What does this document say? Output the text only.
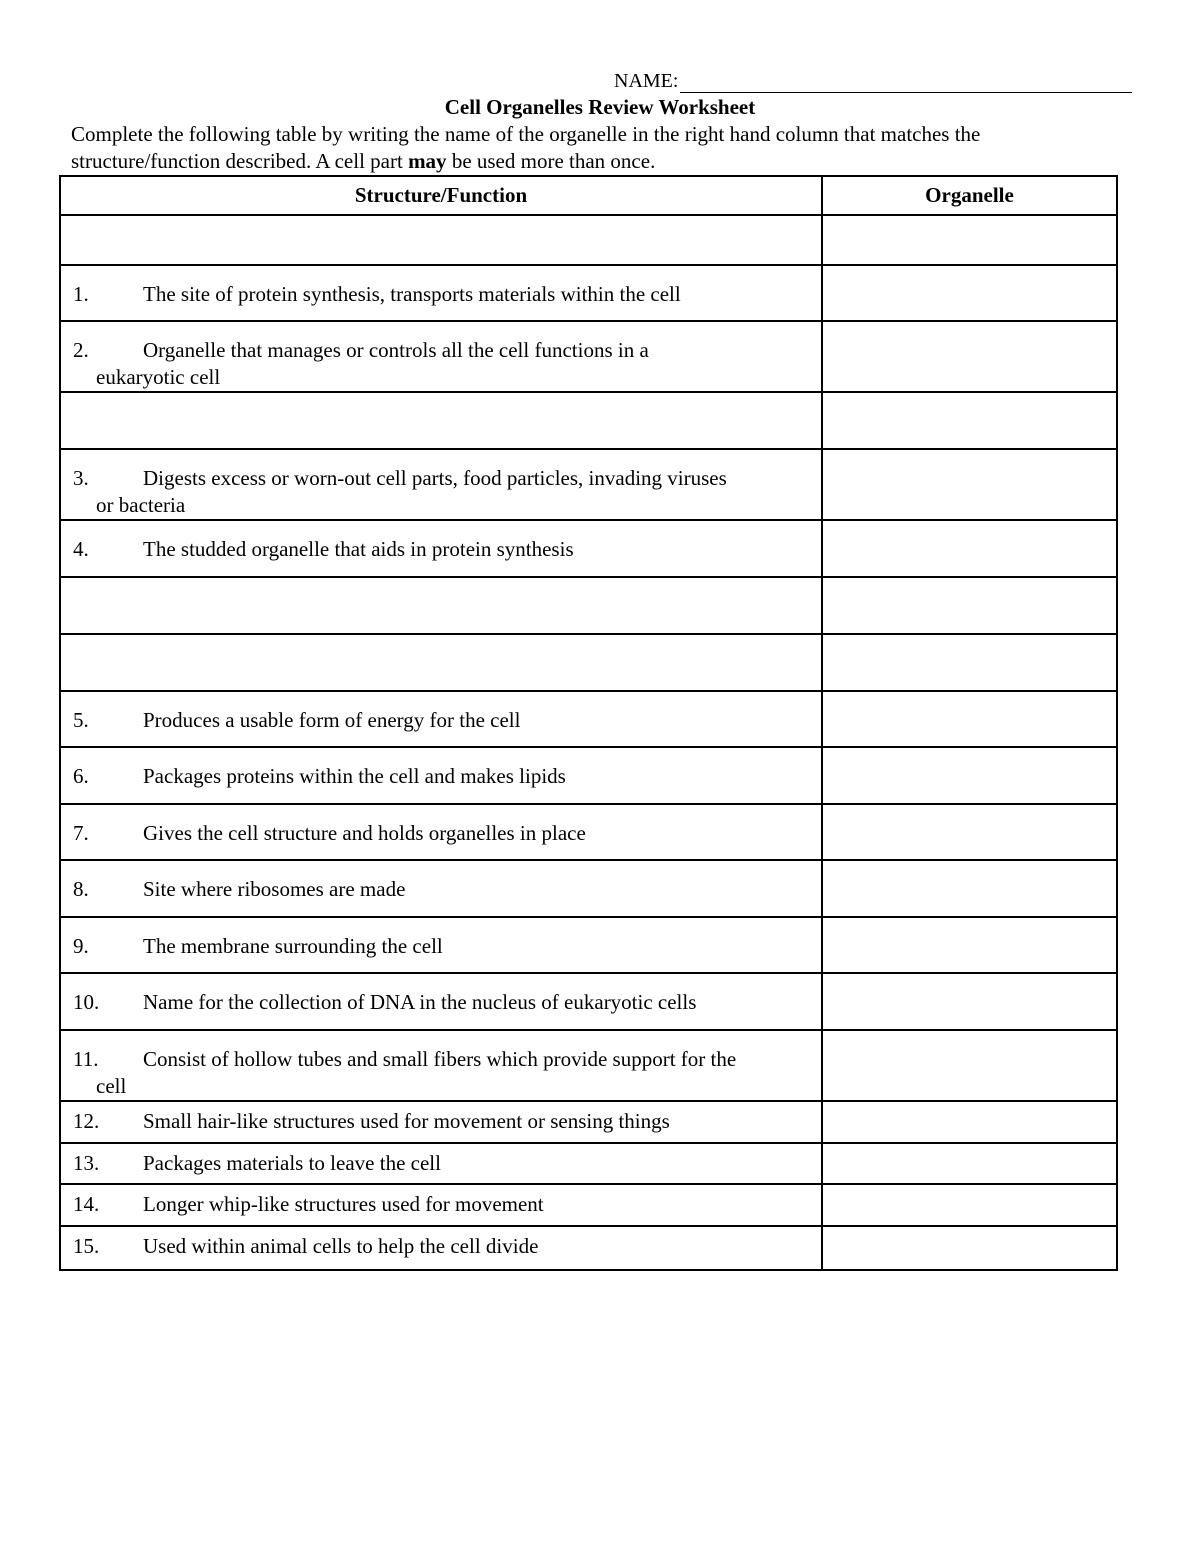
NAME:
Cell Organelles Review Worksheet
Complete the following table by writing the name of the organelle in the right hand column that matches the structure/function described. A cell part may be used more than once.
Structure/Function	Organelle

1. The site of protein synthesis, transports materials within the cell	

2. Organelle that manages or controls all the cell functions in a
eukaryotic cell	

3. Digests excess or worn-out cell parts, food particles, invading viruses
or bacteria	

4. The studded organelle that aids in protein synthesis	

5. Produces a usable form of energy for the cell	

6. Packages proteins within the cell and makes lipids	

7. Gives the cell structure and holds organelles in place	

8. Site where ribosomes are made	

9. The membrane surrounding the cell	

10. Name for the collection of DNA in the nucleus of eukaryotic cells	

11. Consist of hollow tubes and small fibers which provide support for the
cell	

12. Small hair-like structures used for movement or sensing things	

13. Packages materials to leave the cell	

14. Longer whip-like structures used for movement	

15. Used within animal cells to help the cell divide	
